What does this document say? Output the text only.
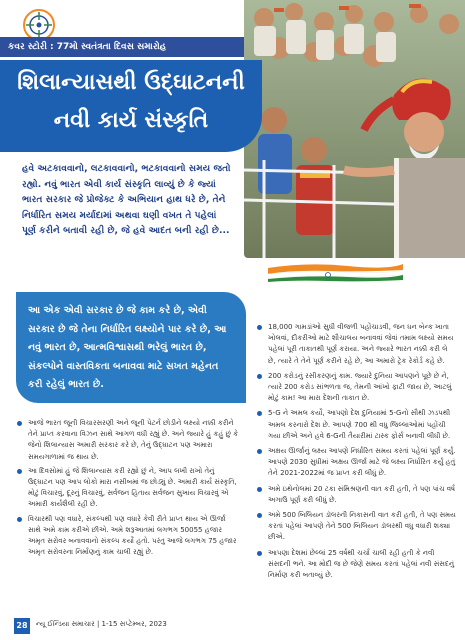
કવર સ્ટોરી : 77મો સ્વતંત્રતા દિવસ સમારોહ
શિલાન્યાસથી ઉદ્ઘાટનની
નવી કાર્ય સંસ્કૃતિ

હવે અટકાવવાનો, લટકાવવાનો, ભટકાવવાનો સમય જતો રહ્યો. નવું ભારત એવી કાર્ય સંસ્કૃતિ લાવ્યું છે કે જ્યાં ભારત સરકાર જે પ્રોજેક્ટ કે અભિયાન હાથ ધરે છે, તેને નિર્ધારિત સમય મર્યાદામાં અથવા ઘણી વખત તે પહેલાં પૂર્ણ કરીને બતાવી રહી છે, જે હવે આદત બની રહી છે...

આ એક એવી સરકાર છે જે કામ કરે છે, એવી સરકાર છે જે તેના નિર્ધારિત લક્ષ્યોને પાર કરે છે, આ નવું ભારત છે, આત્મવિશ્વાસથી ભરેલું ભારત છે, સંકલ્પોને વાસ્તવિકતા બનાવવા માટે સખત મહેનત કરી રહેલું ભારત છે.
આજે ભારત જૂની વિચારસરણી અને જૂની પેટર્ન છોડીને લક્ષ્યો નક્કી કરીને તેને પ્રાપ્ત કરવાના વિઝન સાથે આગળ વધી રહ્યું છે. અને જ્યારે હું કહું છું કે જેનો શિલાન્યાસ અમારી સરકાર કરે છે, તેનું ઉદ્ઘાટન પણ અમારા સમયગાળામાં જ થાય છે.
આ દિવસોમાં હું જે શિલાન્યાસ કરી રહ્યો છું ને, આપ લખી રાખો તેનું ઉદ્ઘાટન પણ આપ લોકો મારા નસીબમાં જ છોડ્યું છે. અમારી કાર્ય સંસ્કૃતિ, મોટું વિચારવું, દૂરનું વિચારવું, સર્વજન હિતાય સર્વજન સુખાય વિચારવું એ અમારી કાર્યશૈલી રહી છે.
વિચારથી પણ વધારે, સંકલ્પથી પણ વધારે કેવી રીતે પ્રાપ્ત થાય એ ઊર્જા સાથે અમે કામ કરીએ છીએ. અમે શરૂઆતમાં લગભગ 50055 હજાર અમૃત સરોવર બનાવવાનો સંકલ્પ કર્યો હતો. પરંતુ આજે લગભગ 75 હજાર અમૃત સરોવરના નિર્માણનું કામ ચાલી રહ્યું છે.
18,000 ગામડાંઓ સુધી વીજળી પહોંચાડવી, જન ધન બેન્ક ખાતા ખોલવાં, દીકરીઓ માટે શૌચાલય બનાવવાં જેવાં તમામ લક્ષ્યો સમય પહેલાં પૂરી તાકાતથી પૂર્ણ કરાયા. અને જ્યારે ભારત નક્કી કરી લે છે, ત્યારે તે તેને પૂર્ણ કરીને રહે છે, આ અમારો ટ્રેક રેકોર્ડ કહે છે.
200 કરોડનું રસીકરણનું કામ. જ્યારે દુનિયા આપણને પૂછે છે ને, ત્યારે 200 કરોડ સાંભળતા જ, તેમની આંખો ફાટી જાય છે, આટલું મોટું કામ! આ મારા દેશની તાકાત છે.
5-G ને અમલ કર્યો, આપણો દેશ દુનિયામાં 5-Gનો સૌથી ઝડપથી અમલ કરનારો દેશ છે. આપણે 700 થી વધુ જિલ્લાઓમાં પહોંચી ગયા છીએ અને હવે 6-Gની તૈયારીમાં ટાસ્ક ફોર્સ બનાવી લીધી છે.
અક્ષય ઊર્જાનું લક્ષ્ય આપણે નિર્ધારિત સમય કરતાં પહેલાં પૂર્ણ કર્યું. આપણે 2030 સુધીમાં અક્ષય ઊર્જા માટે જે લક્ષ્ય નિર્ધારિત કર્યું હતું તેને 2021-2022માં જ પ્રાપ્ત કરી લીધું છે.
અમે ઇથેનોલમાં 20 ટકા સંમિશ્રણની વાત કરી હતી, તે પણ પાંચ વર્ષ અગાઉ પૂર્ણ કરી લીધું છે.
અમે 500 બિલિયન ડૉલરની નિકાસની વાત કરી હતી, તે પણ સમય કરતાં પહેલાં આપણે તેને 500 બિલિયન ડૉલરથી વધુ વધારી શક્યા છીએ.
આપણા દેશમાં છેલ્લાં 25 વર્ષથી ચર્ચા ચાલી રહી હતી કે નવી સંસદની ભને. આ મોદી જ છે જેણે સમય કરતાં પહેલાં નવી સંસદનું નિર્માણ કરી બતાવ્યું છે.
28	ન્યૂ ઈન્ડિયા સમાચાર | 1-15 સપ્ટેમ્બર, 2023
